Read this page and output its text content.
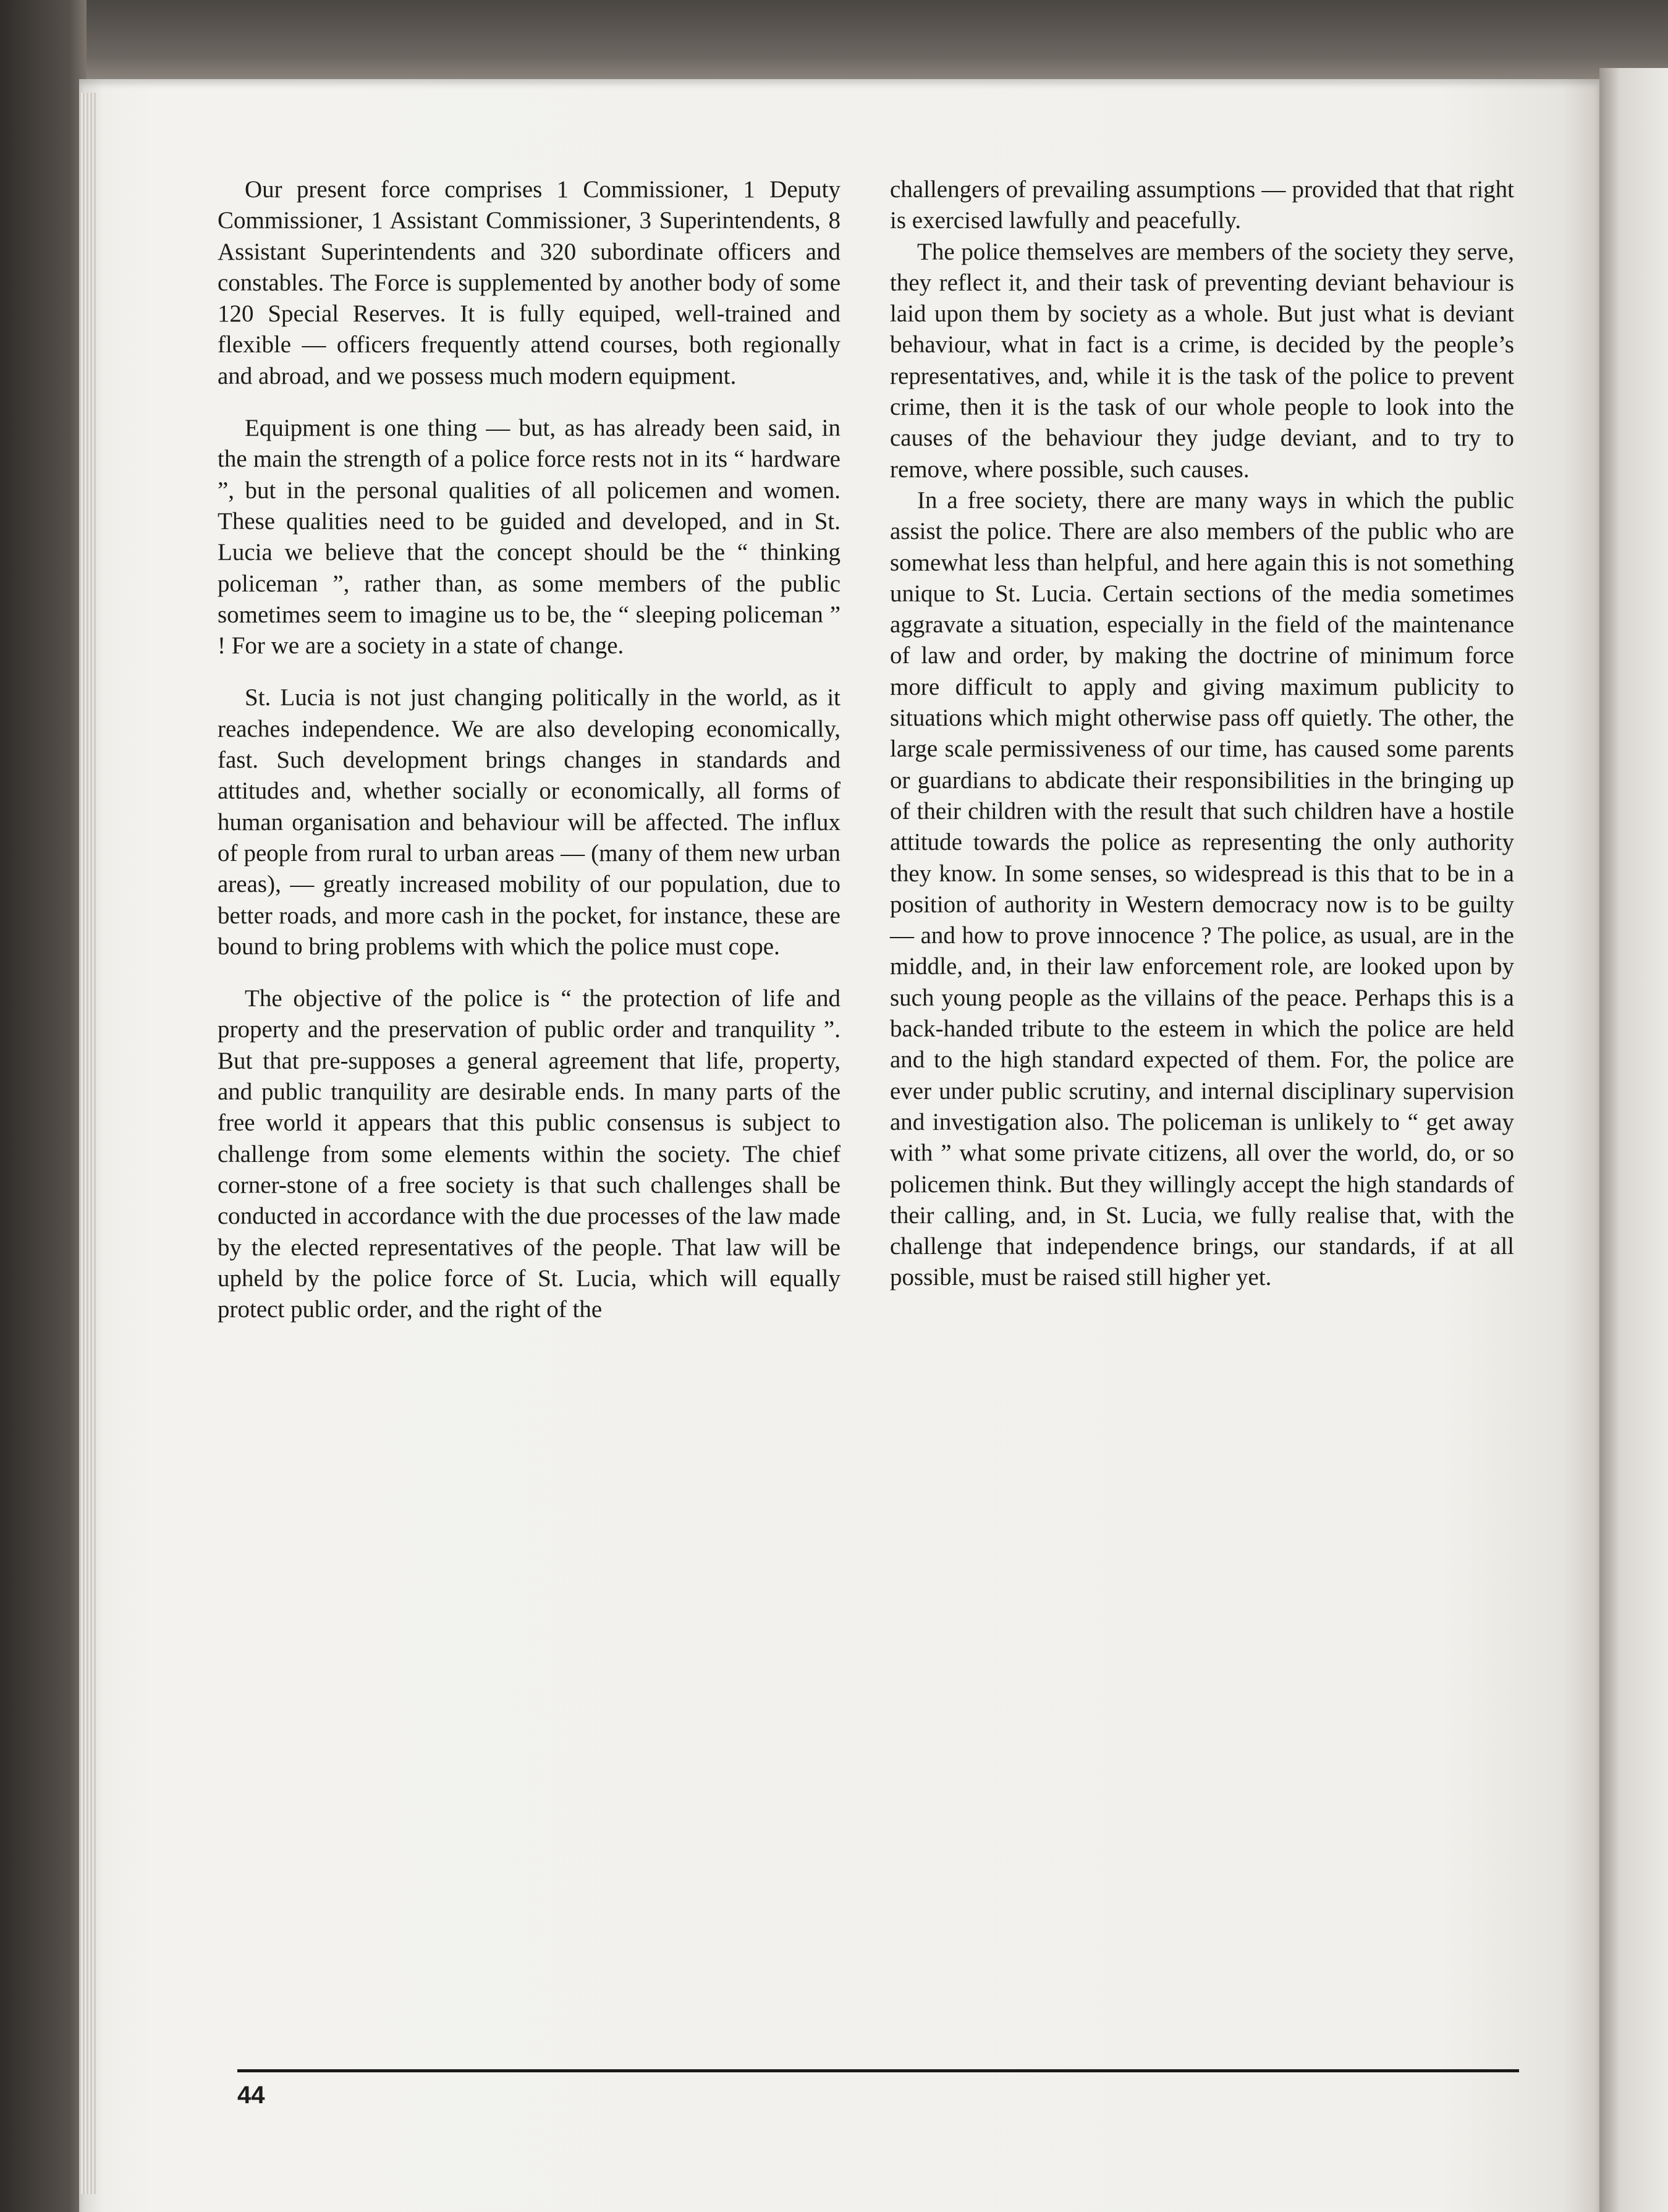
Our present force comprises 1 Commissioner, 1 Deputy Commissioner, 1 Assistant Commissioner, 3 Superintendents, 8 Assistant Superintendents and 320 subordinate officers and constables. The Force is supplemented by another body of some 120 Special Reserves. It is fully equiped, well-trained and flexible — officers frequently attend courses, both regionally and abroad, and we possess much modern equipment.

Equipment is one thing — but, as has already been said, in the main the strength of a police force rests not in its “ hardware ”, but in the personal qualities of all policemen and women. These qualities need to be guided and developed, and in St. Lucia we believe that the concept should be the “ thinking policeman ”, rather than, as some members of the public sometimes seem to imagine us to be, the “ sleeping policeman ” ! For we are a society in a state of change.

St. Lucia is not just changing politically in the world, as it reaches independence. We are also developing economically, fast. Such development brings changes in standards and attitudes and, whether socially or economically, all forms of human organisation and behaviour will be affected. The influx of people from rural to urban areas — (many of them new urban areas), — greatly increased mobility of our population, due to better roads, and more cash in the pocket, for instance, these are bound to bring problems with which the police must cope.

The objective of the police is “ the protection of life and property and the preservation of public order and tranquility ”. But that pre-supposes a general agreement that life, property, and public tranquility are desirable ends. In many parts of the free world it appears that this public consensus is subject to challenge from some elements within the society. The chief corner-stone of a free society is that such challenges shall be conducted in accordance with the due processes of the law made by the elected representatives of the people. That law will be upheld by the police force of St. Lucia, which will equally protect public order, and the right of the

challengers of prevailing assumptions — provided that that right is exercised lawfully and peacefully.

The police themselves are members of the society they serve, they reflect it, and their task of preventing deviant behaviour is laid upon them by society as a whole. But just what is deviant behaviour, what in fact is a crime, is decided by the people’s representatives, and, while it is the task of the police to prevent crime, then it is the task of our whole people to look into the causes of the behaviour they judge deviant, and to try to remove, where possible, such causes.

In a free society, there are many ways in which the public assist the police. There are also members of the public who are somewhat less than helpful, and here again this is not something unique to St. Lucia. Certain sections of the media sometimes aggravate a situation, especially in the field of the maintenance of law and order, by making the doctrine of minimum force more difficult to apply and giving maximum publicity to situations which might otherwise pass off quietly. The other, the large scale permissiveness of our time, has caused some parents or guardians to abdicate their responsibilities in the bringing up of their children with the result that such children have a hostile attitude towards the police as representing the only authority they know. In some senses, so widespread is this that to be in a position of authority in Western democracy now is to be guilty — and how to prove innocence ? The police, as usual, are in the middle, and, in their law enforcement role, are looked upon by such young people as the villains of the peace. Perhaps this is a back-handed tribute to the esteem in which the police are held and to the high standard expected of them. For, the police are ever under public scrutiny, and internal disciplinary supervision and investigation also. The policeman is unlikely to “ get away with ” what some private citizens, all over the world, do, or so policemen think. But they willingly accept the high standards of their calling, and, in St. Lucia, we fully realise that, with the challenge that independence brings, our standards, if at all possible, must be raised still higher yet.

44
